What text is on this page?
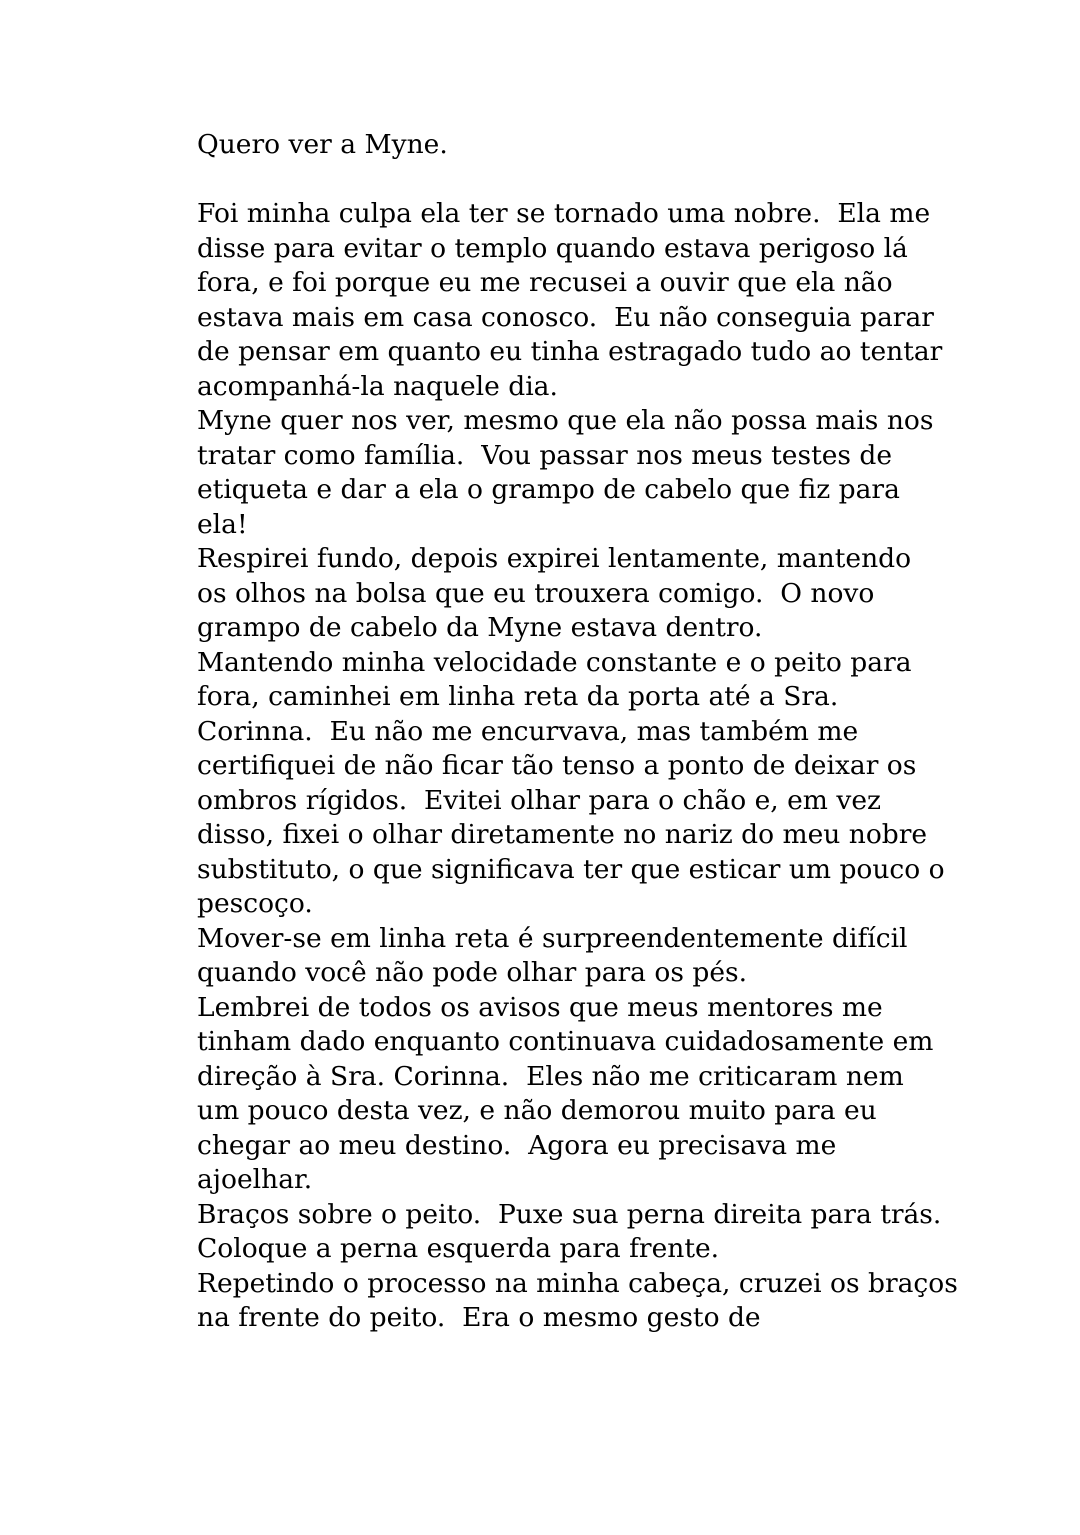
Quero ver a Myne.
Foi minha culpa ela ter se tornado uma nobre.  Ela me
disse para evitar o templo quando estava perigoso lá
fora, e foi porque eu me recusei a ouvir que ela não
estava mais em casa conosco.  Eu não conseguia parar
de pensar em quanto eu tinha estragado tudo ao tentar
acompanhá-la naquele dia.
Myne quer nos ver, mesmo que ela não possa mais nos
tratar como família.  Vou passar nos meus testes de
etiqueta e dar a ela o grampo de cabelo que fiz para
ela!
Respirei fundo, depois expirei lentamente, mantendo
os olhos na bolsa que eu trouxera comigo.  O novo
grampo de cabelo da Myne estava dentro.
Mantendo minha velocidade constante e o peito para
fora, caminhei em linha reta da porta até a Sra.
Corinna.  Eu não me encurvava, mas também me
certifiquei de não ficar tão tenso a ponto de deixar os
ombros rígidos.  Evitei olhar para o chão e, em vez
disso, fixei o olhar diretamente no nariz do meu nobre
substituto, o que significava ter que esticar um pouco o
pescoço.
Mover-se em linha reta é surpreendentemente difícil
quando você não pode olhar para os pés.
Lembrei de todos os avisos que meus mentores me
tinham dado enquanto continuava cuidadosamente em
direção à Sra. Corinna.  Eles não me criticaram nem
um pouco desta vez, e não demorou muito para eu
chegar ao meu destino.  Agora eu precisava me
ajoelhar.
Braços sobre o peito.  Puxe sua perna direita para trás.
Coloque a perna esquerda para frente.
Repetindo o processo na minha cabeça, cruzei os braços
na frente do peito.  Era o mesmo gesto de
